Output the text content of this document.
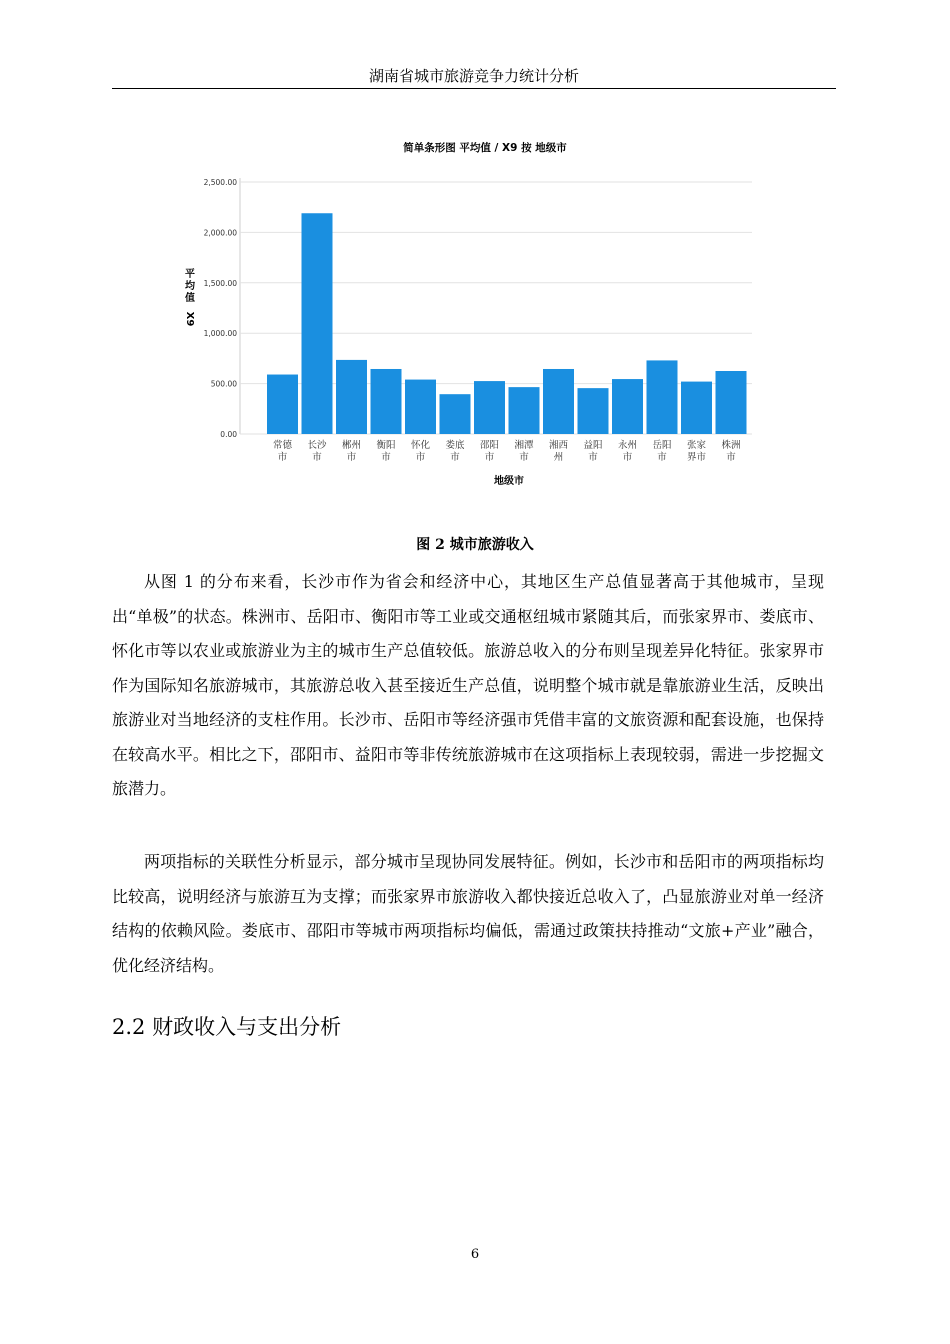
湖南省城市旅游竞争力统计分析
简单条形图 平均值 / X9 按 地级市
0.00
500.00
1,000.00
1,500.00
2,000.00
2,500.00
常德
市
长沙
市
郴州
市
衡阳
市
怀化
市
娄底
市
邵阳
市
湘潭
市
湘西
州
益阳
市
永州
市
岳阳
市
张家
界市
株洲
市
平
均
值
X9
地级市
图 2 城市旅游收入

从图 1 的分布来看，长沙市作为省会和经济中心，其地区生产总值显著高于其他城市，呈现出“单极”的状态。株洲市、岳阳市、衡阳市等工业或交通枢纽城市紧随其后，而张家界市、娄底市、怀化市等以农业或旅游业为主的城市生产总值较低。旅游总收入的分布则呈现差异化特征。张家界市作为国际知名旅游城市，其旅游总收入甚至接近生产总值，说明整个城市就是靠旅游业生活，反映出旅游业对当地经济的支柱作用。长沙市、岳阳市等经济强市凭借丰富的文旅资源和配套设施，也保持在较高水平。相比之下，邵阳市、益阳市等非传统旅游城市在这项指标上表现较弱，需进一步挖掘文旅潜力。

两项指标的关联性分析显示，部分城市呈现协同发展特征。例如，长沙市和岳阳市的两项指标均比较高，说明经济与旅游互为支撑；而张家界市旅游收入都快接近总收入了，凸显旅游业对单一经济结构的依赖风险。娄底市、邵阳市等城市两项指标均偏低，需通过政策扶持推动“文旅+产业”融合，优化经济结构。

2.2 财政收入与支出分析
6
